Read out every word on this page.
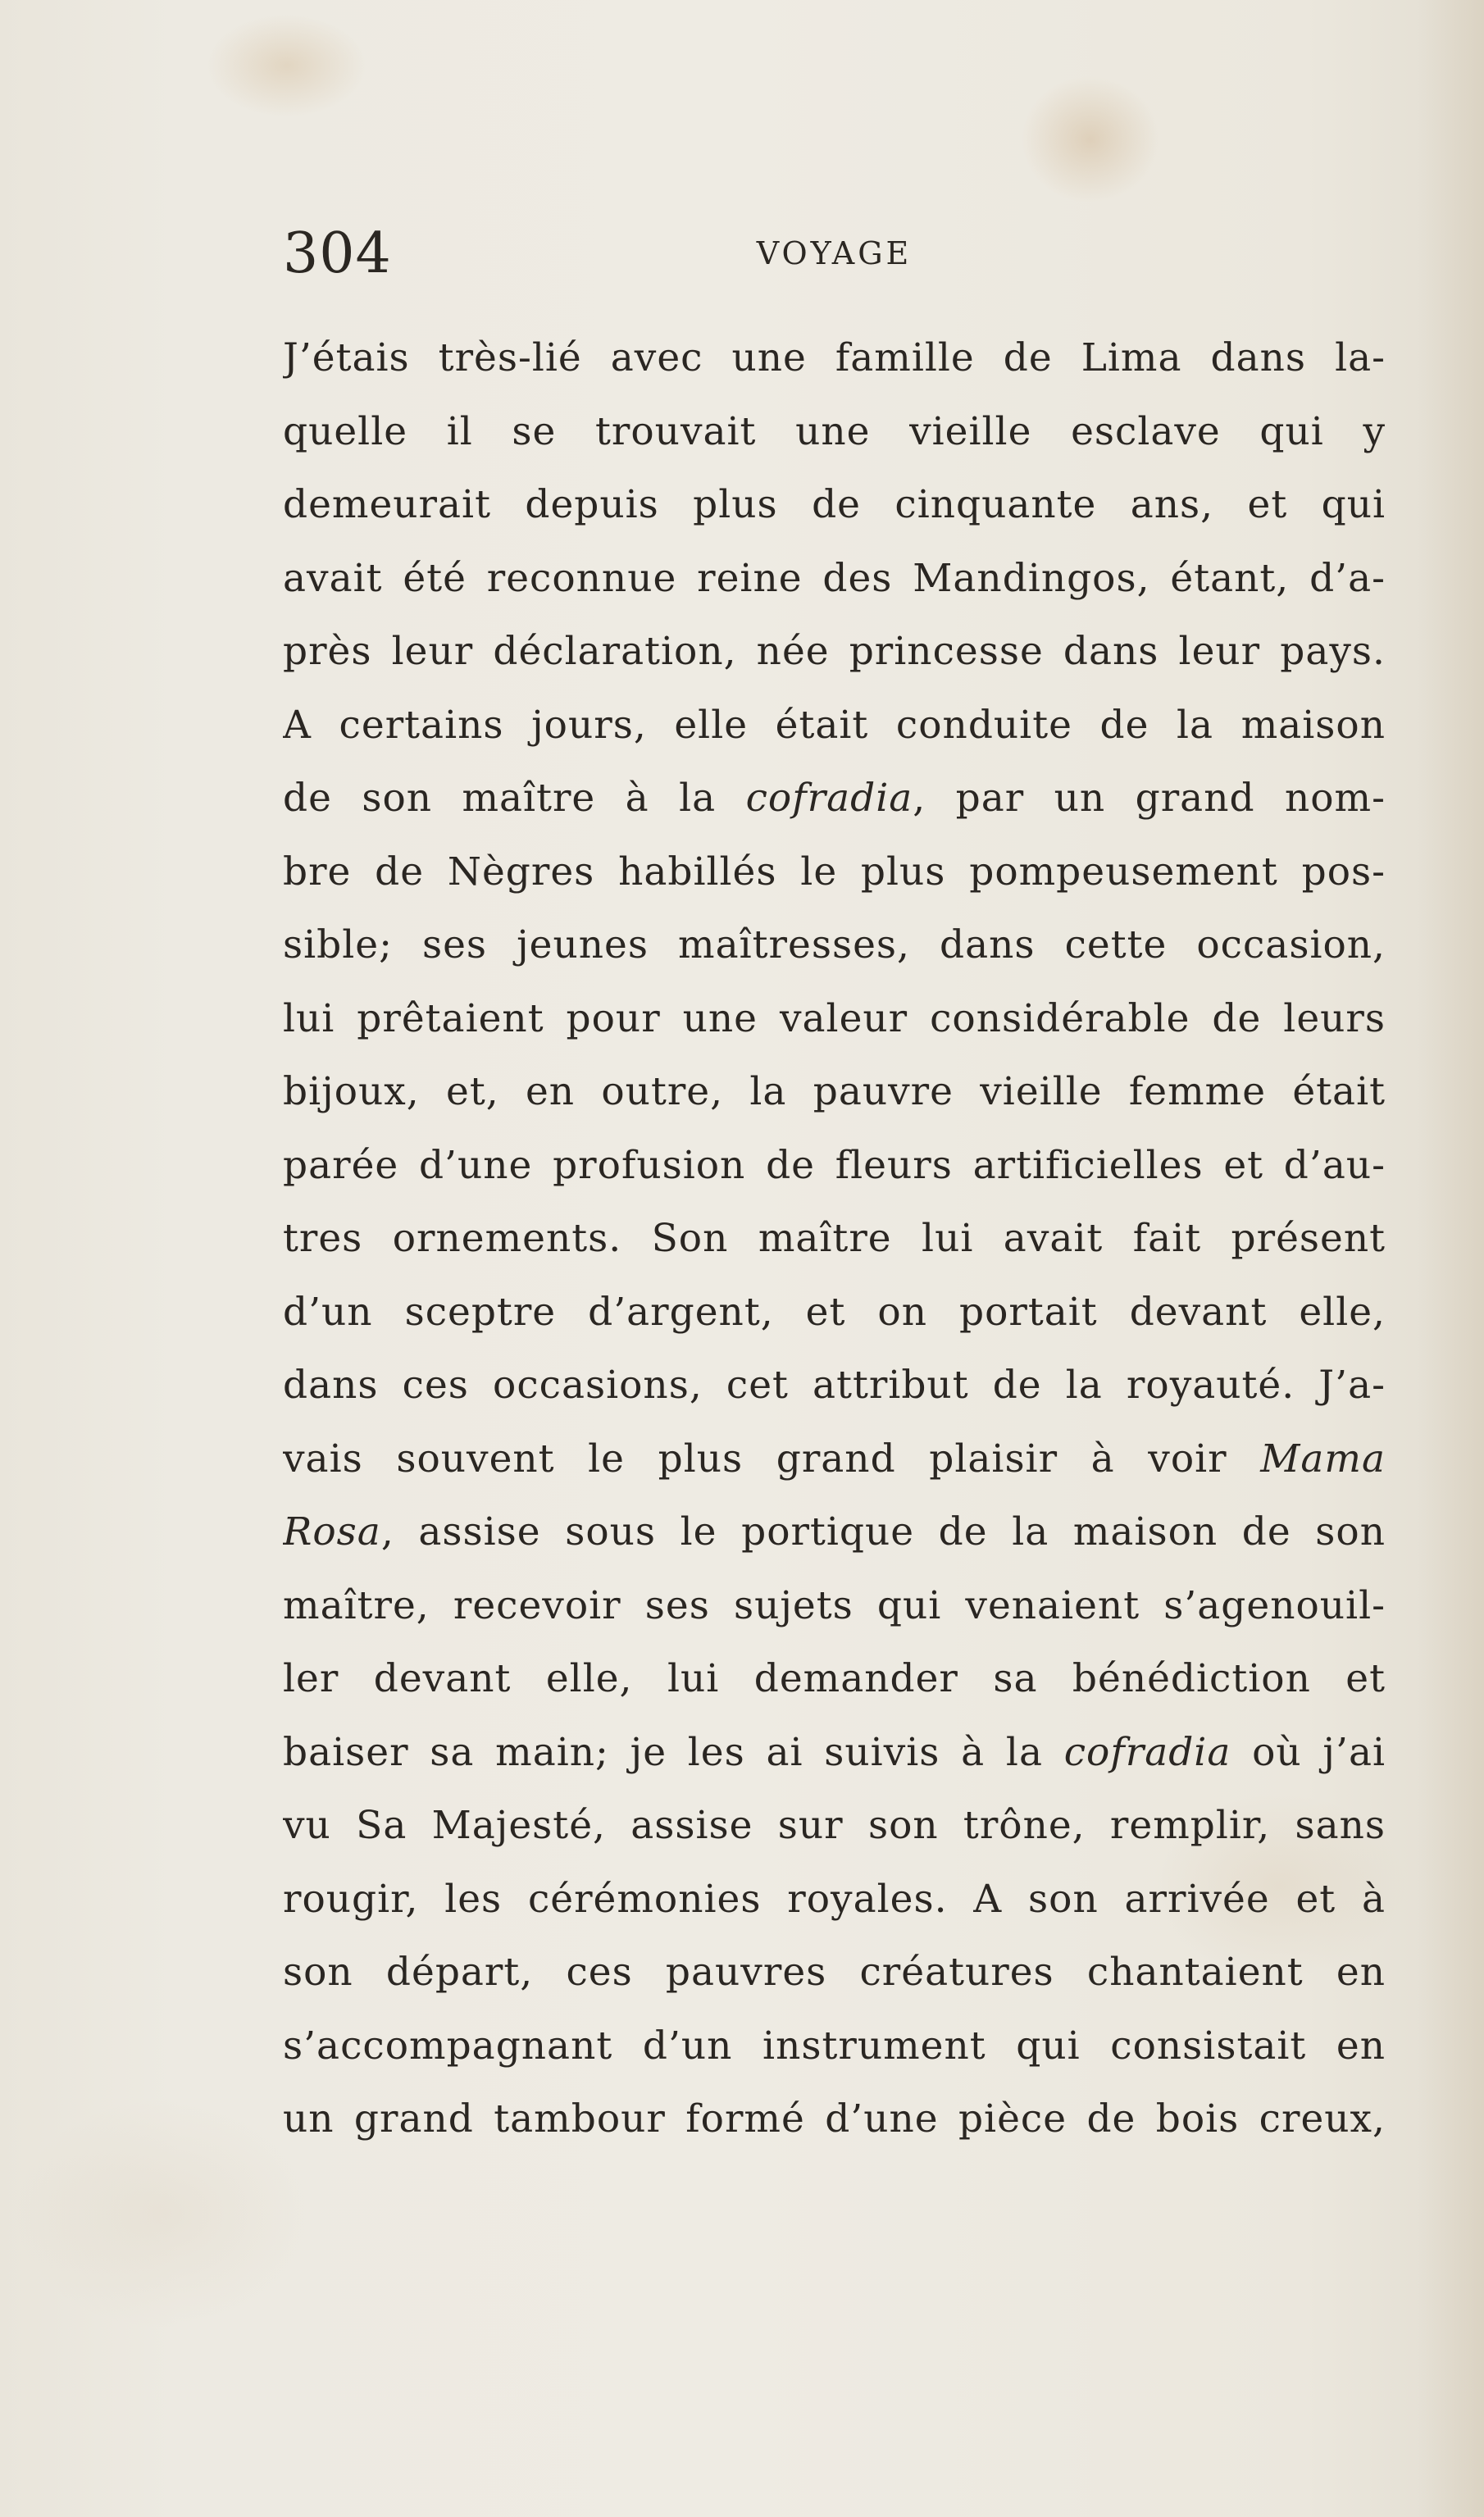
304	VOYAGE
J’étais très-lié avec une famille de Lima dans la-
quelle il se trouvait une vieille esclave qui y
demeurait depuis plus de cinquante ans, et qui
avait été reconnue reine des Mandingos, étant, d’a-
près leur déclaration, née princesse dans leur pays.
A certains jours, elle était conduite de la maison
de son maître à la cofradia, par un grand nom-
bre de Nègres habillés le plus pompeusement pos-
sible; ses jeunes maîtresses, dans cette occasion,
lui prêtaient pour une valeur considérable de leurs
bijoux, et, en outre, la pauvre vieille femme était
parée d’une profusion de fleurs artificielles et d’au-
tres ornements. Son maître lui avait fait présent
d’un sceptre d’argent, et on portait devant elle,
dans ces occasions, cet attribut de la royauté. J’a-
vais souvent le plus grand plaisir à voir Mama
Rosa, assise sous le portique de la maison de son
maître, recevoir ses sujets qui venaient s’agenouil-
ler devant elle, lui demander sa bénédiction et
baiser sa main; je les ai suivis à la cofradia où j’ai
vu Sa Majesté, assise sur son trône, remplir, sans
rougir, les cérémonies royales. A son arrivée et à
son départ, ces pauvres créatures chantaient en
s’accompagnant d’un instrument qui consistait en
un grand tambour formé d’une pièce de bois creux,
